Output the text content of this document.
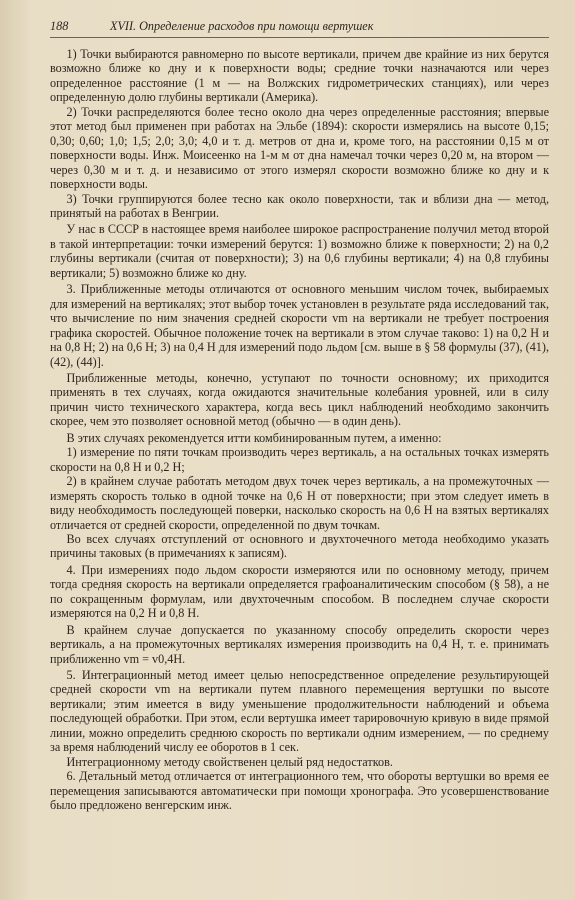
188	XVII. Определение расходов при помощи вертушек

1) Точки выбираются равномерно по высоте вертикали, причем две крайние из них берутся возможно ближе ко дну и к поверхности воды; средние точки назначаются или через определенное расстояние (1 м — на Волжских гидрометрических станциях), или через определенную долю глубины вертикали (Америка).

2) Точки распределяются более тесно около дна через определенные расстояния; впервые этот метод был применен при работах на Эльбе (1894): скорости измерялись на высоте 0,15; 0,30; 0,60; 1,0; 1,5; 2,0; 3,0; 4,0 и т. д. метров от дна и, кроме того, на расстоянии 0,15 м от поверхности воды. Инж. Моисеенко на 1-м м от дна намечал точки через 0,20 м, на втором — через 0,30 м и т. д. и независимо от этого измерял скорости возможно ближе ко дну и к поверхности воды.

3) Точки группируются более тесно как около поверхности, так и вблизи дна — метод, принятый на работах в Венгрии.

У нас в СССР в настоящее время наиболее широкое распространение получил метод второй в такой интерпретации: точки измерений берутся: 1) возможно ближе к поверхности; 2) на 0,2 глубины вертикали (считая от поверхности); 3) на 0,6 глубины вертикали; 4) на 0,8 глубины вертикали; 5) возможно ближе ко дну.

3. Приближенные методы отличаются от основного меньшим числом точек, выбираемых для измерений на вертикалях; этот выбор точек установлен в результате ряда исследований так, что вычисление по ним значения средней скорости vm на вертикали не требует построения графика скоростей. Обычное положение точек на вертикали в этом случае таково: 1) на 0,2 H и на 0,8 H; 2) на 0,6 H; 3) на 0,4 H для измерений подо льдом [см. выше в § 58 формулы (37), (41), (42), (44)].

Приближенные методы, конечно, уступают по точности основному; их приходится применять в тех случаях, когда ожидаются значительные колебания уровней, или в силу причин чисто технического характера, когда весь цикл наблюдений необходимо закончить скорее, чем это позволяет основной метод (обычно — в один день).

В этих случаях рекомендуется итти комбинированным путем, а именно:

1) измерение по пяти точкам производить через вертикаль, а на остальных точках измерять скорости на 0,8 H и 0,2 H;

2) в крайнем случае работать методом двух точек через вертикаль, а на промежуточных — измерять скорость только в одной точке на 0,6 H от поверхности; при этом следует иметь в виду необходимость последующей поверки, насколько скорость на 0,6 H на взятых вертикалях отличается от средней скорости, определенной по двум точкам.

Во всех случаях отступлений от основного и двухточечного метода необходимо указать причины таковых (в примечаниях к записям).

4. При измерениях подо льдом скорости измеряются или по основному методу, причем тогда средняя скорость на вертикали определяется графоаналитическим способом (§ 58), а не по сокращенным формулам, или двухточечным способом. В последнем случае скорости измеряются на 0,2 H и 0,8 H.

В крайнем случае допускается по указанному способу определить скорости через вертикаль, а на промежуточных вертикалях измерения производить на 0,4 H, т. е. принимать приближенно vm = v0,4H.

5. Интеграционный метод имеет целью непосредственное определение результирующей средней скорости vm на вертикали путем плавного перемещения вертушки по высоте вертикали; этим имеется в виду уменьшение продолжительности наблюдений и объема последующей обработки. При этом, если вертушка имеет тарировочную кривую в виде прямой линии, можно определить среднюю скорость по вертикали одним измерением, — по среднему за время наблюдений числу ее оборотов в 1 сек.

Интеграционному методу свойственен целый ряд недостатков.

6. Детальный метод отличается от интеграционного тем, что обороты вертушки во время ее перемещения записываются автоматически при помощи хронографа. Это усовершенствование было предложено венгерским инж.
